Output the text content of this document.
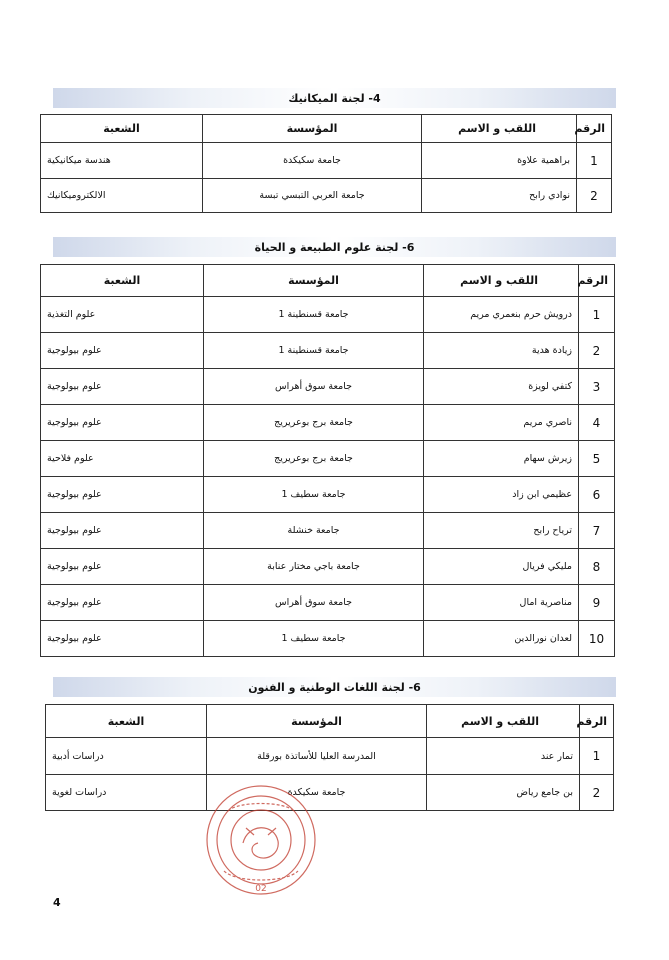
4- لجنة الميكانيك
الرقم	اللقب و الاسم	المؤسسة	الشعبة
1	براهمية علاوة	جامعة سكيكدة	هندسة ميكانيكية
2	نوادي رابح	جامعة العربي التبسي تبسة	الالكتروميكانيك
6- لجنة علوم الطبيعة و الحياة
الرقم	اللقب و الاسم	المؤسسة	الشعبة
1	درويش حرم بنعمري مريم	جامعة قسنطينة 1	علوم التغذية
2	زيادة هدية	جامعة قسنطينة 1	علوم بيولوجية
3	كتفي لويزة	جامعة سوق أهراس	علوم بيولوجية
4	ناصري مريم	جامعة برج بوعريريج	علوم بيولوجية
5	زيرش سهام	جامعة برج بوعريريج	علوم فلاحية
6	عظيمي ابن زاد	جامعة سطيف 1	علوم بيولوجية
7	ترياح رابح	جامعة خنشلة	علوم بيولوجية
8	مليكي فريال	جامعة باجي مختار عنابة	علوم بيولوجية
9	مناصرية امال	جامعة سوق أهراس	علوم بيولوجية
10	لعدان نورالدين	جامعة سطيف 1	علوم بيولوجية
6- لجنة اللغات الوطنية و الفنون
الرقم	اللقب و الاسم	المؤسسة	الشعبة
1	تمار عند	المدرسة العليا للأساتذة بورقلة	دراسات أدبية
2	بن جامع رياض	جامعة سكيكدة	دراسات لغوية
02
4
